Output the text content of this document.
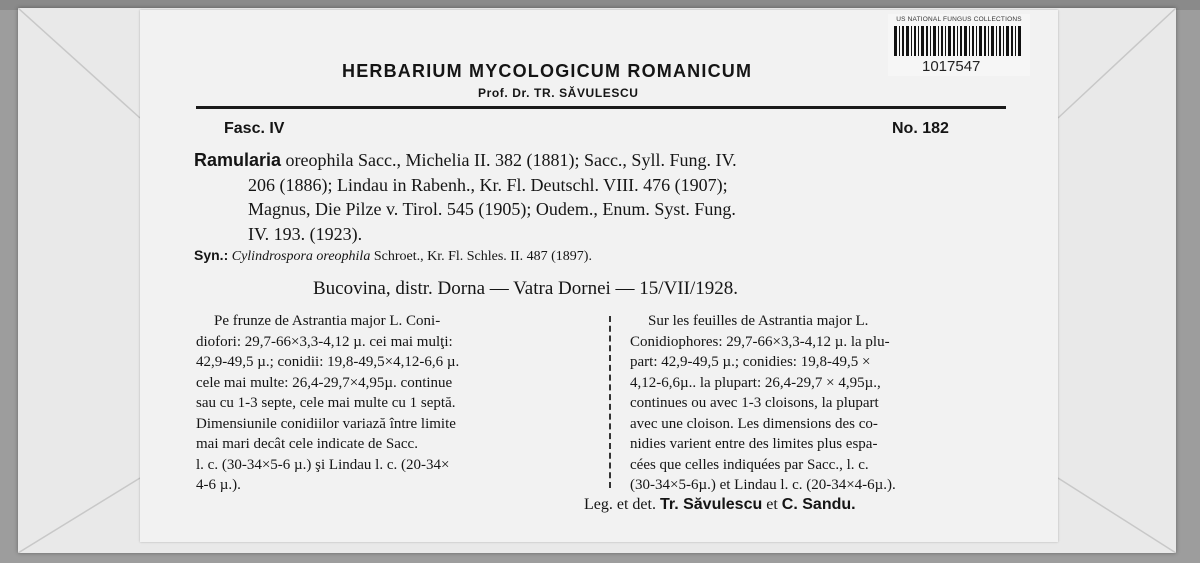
US NATIONAL FUNGUS COLLECTIONS
1017547
HERBARIUM MYCOLOGICUM ROMANICUM
Prof. Dr. TR. SĂVULESCU
Fasc. IV	No. 182
Ramularia oreophila Sacc., Michelia II. 382 (1881); Sacc., Syll. Fung. IV.
206 (1886); Lindau in Rabenh., Kr. Fl. Deutschl. VIII. 476 (1907);
Magnus, Die Pilze v. Tirol. 545 (1905); Oudem., Enum. Syst. Fung.
IV. 193. (1923).
Syn.: Cylindrospora oreophila Schroet., Kr. Fl. Schles. II. 487 (1897).
Bucovina, distr. Dorna — Vatra Dornei — 15/VII/1928.
Pe frunze de Astrantia major L. Coni-
diofori: 29,7-66×3,3-4,12 µ. cei mai mulţi:
42,9-49,5 µ.; conidii: 19,8-49,5×4,12-6,6 µ.
cele mai multe: 26,4-29,7×4,95µ. continue
sau cu 1-3 septe, cele mai multe cu 1 septă.
Dimensiunile conidiilor variază între limite
mai mari decât cele indicate de Sacc.
l. c. (30-34×5-6 µ.) şi Lindau l. c. (20-34×
4-6 µ.).
Sur les feuilles de Astrantia major L.
Conidiophores: 29,7-66×3,3-4,12 µ. la plu-
part: 42,9-49,5 µ.; conidies: 19,8-49,5 ×
4,12-6,6µ.. la plupart: 26,4-29,7 × 4,95µ.,
continues ou avec 1-3 cloisons, la plupart
avec une cloison. Les dimensions des co-
nidies varient entre des limites plus espa-
cées que celles indiquées par Sacc., l. c.
(30-34×5-6µ.) et Lindau l. c. (20-34×4-6µ.).
Leg. et det. Tr. Săvulescu et C. Sandu.
